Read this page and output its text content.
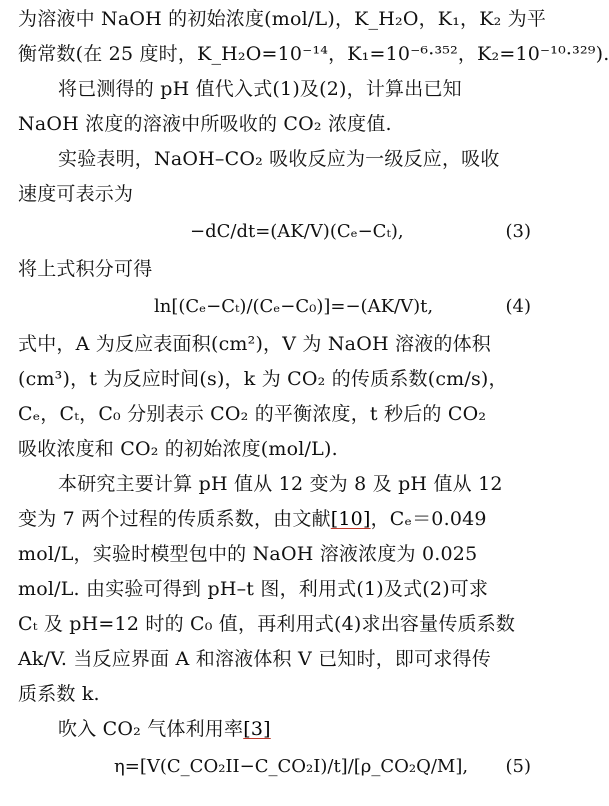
为溶液中 NaOH 的初始浓度(mol/L)，K_H₂O，K₁，K₂ 为平
衡常数(在 25 度时，K_H₂O=10⁻¹⁴，K₁=10⁻⁶·³⁵²，K₂=10⁻¹⁰·³²⁹).
将已测得的 pH 值代入式(1)及(2)，计算出已知
NaOH 浓度的溶液中所吸收的 CO₂ 浓度值.
实验表明，NaOH–CO₂ 吸收反应为一级反应，吸收
速度可表示为
−dC/dt=(AK/V)(Cₑ−Cₜ),	(3)
将上式积分可得
ln[(Cₑ−Cₜ)/(Cₑ−C₀)]=−(AK/V)t,	(4)
式中，A 为反应表面积(cm²)，V 为 NaOH 溶液的体积
(cm³)，t 为反应时间(s)，k 为 CO₂ 的传质系数(cm/s)，
Cₑ，Cₜ，C₀ 分别表示 CO₂ 的平衡浓度，t 秒后的 CO₂
吸收浓度和 CO₂ 的初始浓度(mol/L).
本研究主要计算 pH 值从 12 变为 8 及 pH 值从 12
变为 7 两个过程的传质系数，由文献[10]，Cₑ＝0.049
mol/L，实验时模型包中的 NaOH 溶液浓度为 0.025
mol/L. 由实验可得到 pH–t 图，利用式(1)及式(2)可求
Cₜ 及 pH=12 时的 C₀ 值，再利用式(4)求出容量传质系数
Ak/V. 当反应界面 A 和溶液体积 V 已知时，即可求得传
质系数 k.
吹入 CO₂ 气体利用率[3]
η=[V(C_CO₂II−C_CO₂I)/t]/[ρ_CO₂Q/M], (5)
